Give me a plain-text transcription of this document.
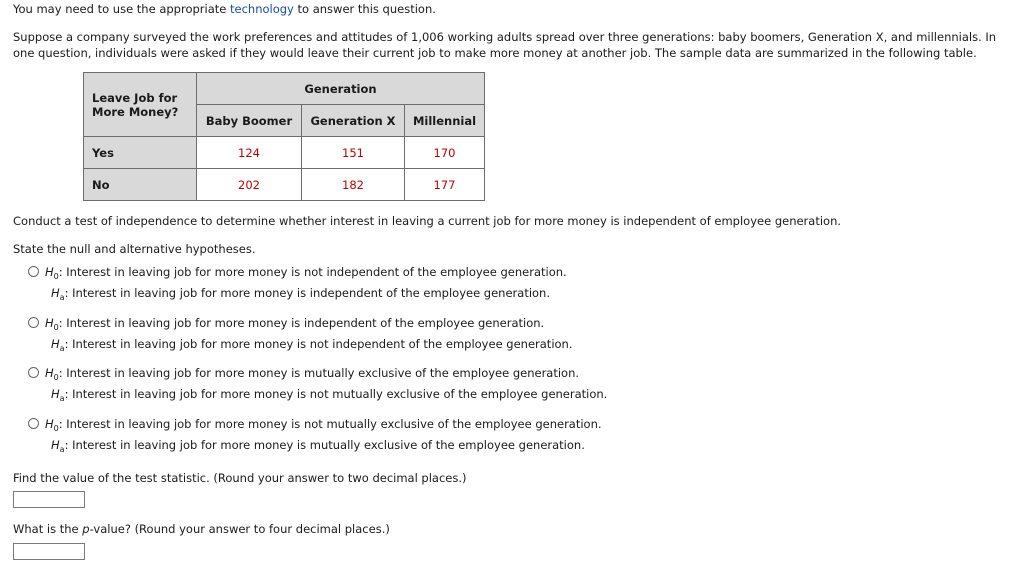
You may need to use the appropriate technology to answer this question.
Suppose a company surveyed the work preferences and attitudes of 1,006 working adults spread over three generations: baby boomers, Generation X, and millennials. In one question, individuals were asked if they would leave their current job to make more money at another job. The sample data are summarized in the following table.
Leave Job for More Money?	Generation		
	Baby Boomer	Generation X	Millennial
Yes	124	151	170
No	202	182	177
Conduct a test of independence to determine whether interest in leaving a current job for more money is independent of employee generation.
State the null and alternative hypotheses.
$H_0$: Interest in leaving job for more money is not independent of the employee generation.
$H_a$: Interest in leaving job for more money is independent of the employee generation.
$H_0$: Interest in leaving job for more money is independent of the employee generation.
$H_a$: Interest in leaving job for more money is not independent of the employee generation.
$H_0$: Interest in leaving job for more money is mutually exclusive of the employee generation.
$H_a$: Interest in leaving job for more money is not mutually exclusive of the employee generation.
$H_0$: Interest in leaving job for more money is not mutually exclusive of the employee generation.
$H_a$: Interest in leaving job for more money is mutually exclusive of the employee generation.
Find the value of the test statistic. (Round your answer to two decimal places.)
What is the p-value? (Round your answer to four decimal places.)
